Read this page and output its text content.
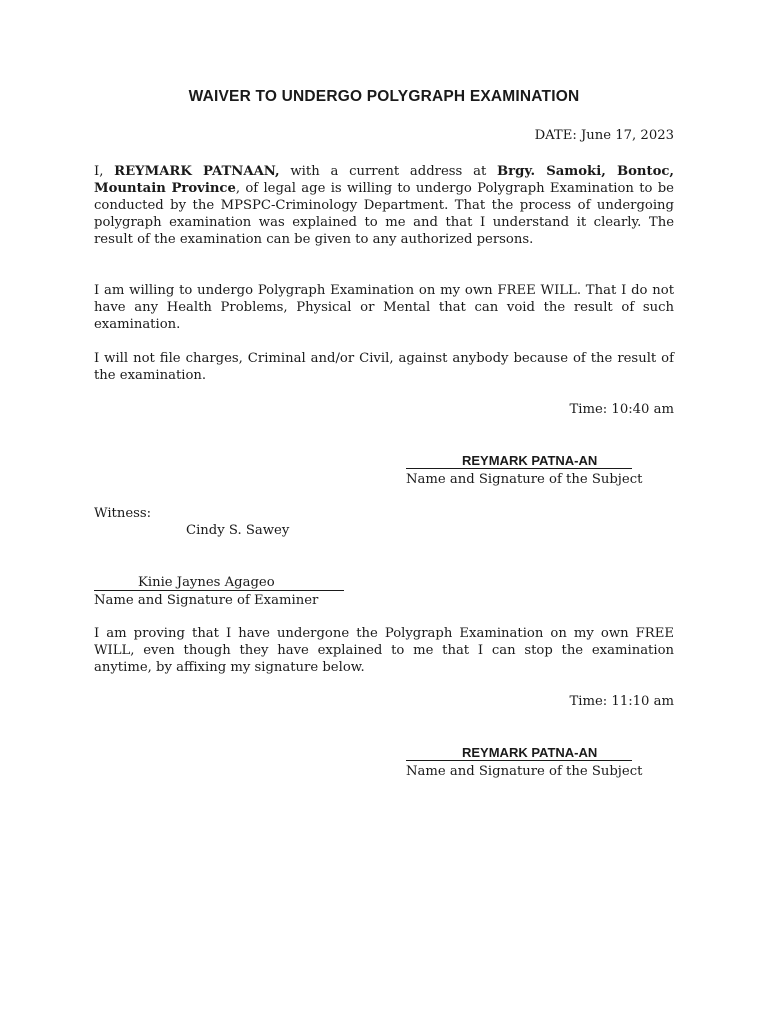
WAIVER TO UNDERGO POLYGRAPH EXAMINATION
DATE: June 17, 2023

I, REYMARK PATNAAN, with a current address at Brgy. Samoki, Bontoc, Mountain Province, of legal age is willing to undergo Polygraph Examination to be conducted by the MPSPC-Criminology Department. That the process of undergoing polygraph examination was explained to me and that I understand it clearly. The result of the examination can be given to any authorized persons.

I am willing to undergo Polygraph Examination on my own FREE WILL. That I do not have any Health Problems, Physical or Mental that can void the result of such examination.

I will not file charges, Criminal and/or Civil, against anybody because of the result of the examination.

Time: 10:40 am
REYMARK PATNA-AN
Name and Signature of the Subject
Witness:
Cindy S. Sawey
Kinie Jaynes Agageo
Name and Signature of Examiner

I am proving that I have undergone the Polygraph Examination on my own FREE WILL, even though they have explained to me that I can stop the examination anytime, by affixing my signature below.

Time: 11:10 am
REYMARK PATNA-AN
Name and Signature of the Subject
